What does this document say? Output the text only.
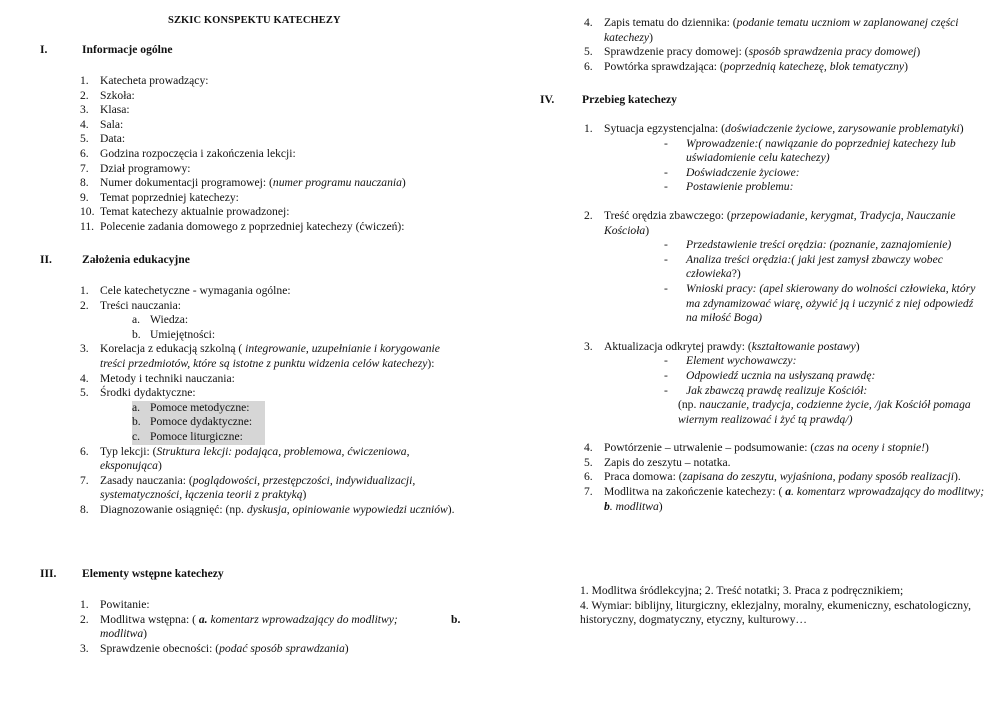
SZKIC KONSPEKTU KATECHEZY
I.	Informacje ogólne
1. Katecheta prowadzący:
2. Szkoła:
3. Klasa:
4. Sala:
5. Data:
6. Godzina rozpoczęcia i zakończenia lekcji:
7. Dział programowy:
8. Numer dokumentacji programowej: (numer programu nauczania)
9. Temat poprzedniej katechezy:
10. Temat katechezy aktualnie prowadzonej:
11. Polecenie zadania domowego z poprzedniej katechezy (ćwiczeń):
II.	Założenia edukacyjne
1. Cele katechetyczne - wymagania ogólne:
2. Treści nauczania:
a. Wiedza:
b. Umiejętności:
3. Korelacja z edukacją szkolną ( integrowanie, uzupełnianie i korygowanie treści przedmiotów, które są istotne z punktu widzenia celów katechezy):
4. Metody i techniki nauczania:
5. Środki dydaktyczne:
a. Pomoce metodyczne:
b. Pomoce dydaktyczne:
c. Pomoce liturgiczne:
6. Typ lekcji: (Struktura lekcji: podająca, problemowa, ćwiczeniowa, eksponująca)
7. Zasady nauczania: (poglądowości, przestępczości, indywidualizacji, systematyczności, łączenia teorii z praktyką)
8. Diagnozowanie osiągnięć: (np. dyskusja, opiniowanie wypowiedzi uczniów).
III.	Elementy wstępne katechezy
1. Powitanie:
2. Modlitwa wstępna: ( a. komentarz wprowadzający do modlitwy;	b.

modlitwa)
3. Sprawdzenie obecności: (podać sposób sprawdzania)
4. Zapis tematu do dziennika: (podanie tematu uczniom w zaplanowanej części katechezy)
5. Sprawdzenie pracy domowej: (sposób sprawdzenia pracy domowej)
6. Powtórka sprawdzająca: (poprzednią katechezę, blok tematyczny)
IV.	Przebieg katechezy
1. Sytuacja egzystencjalna: (doświadczenie życiowe, zarysowanie problematyki)
- Wprowadzenie:( nawiązanie do poprzedniej katechezy lub uświadomienie celu katechezy)
- Doświadczenie życiowe:
- Postawienie problemu:
2. Treść orędzia zbawczego: (przepowiadanie, kerygmat, Tradycja, Nauczanie Kościoła)
- Przedstawienie treści orędzia: (poznanie, zaznajomienie)
- Analiza treści orędzia:( jaki jest zamysł zbawczy wobec człowieka?)
- Wnioski pracy: (apel skierowany do wolności człowieka, który ma zdynamizować wiarę, ożywić ją i uczynić z niej odpowiedź na miłość Boga)
3. Aktualizacja odkrytej prawdy: (kształtowanie postawy)
- Element wychowawczy:
- Odpowiedź ucznia na usłyszaną prawdę:
- Jak zbawczą prawdę realizuje Kościół:
(np. nauczanie, tradycja, codzienne życie, /jak Kościół pomaga wiernym realizować i żyć tą prawdą/)
4. Powtórzenie – utrwalenie – podsumowanie: (czas na oceny i stopnie!)
5. Zapis do zeszytu – notatka.
6. Praca domowa: (zapisana do zeszytu, wyjaśniona, podany sposób realizacji).
7. Modlitwa na zakończenie katechezy: ( a. komentarz wprowadzający do modlitwy; b. modlitwa)
1. Modlitwa śródlekcyjna; 2. Treść notatki; 3. Praca z podręcznikiem;
4. Wymiar: biblijny, liturgiczny, eklezjalny, moralny, ekumeniczny, eschatologiczny, historyczny, dogmatyczny, etyczny, kulturowy…
